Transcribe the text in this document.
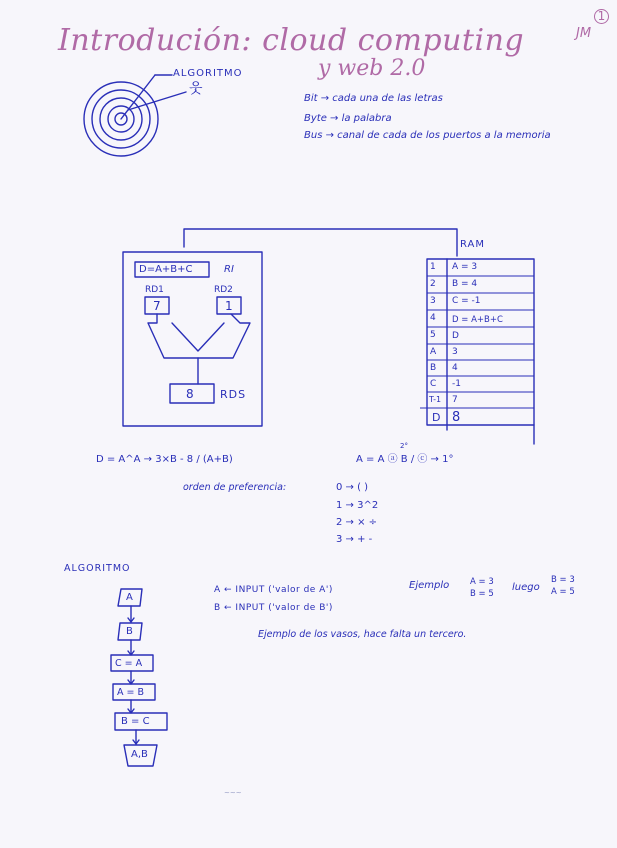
Introdución: cloud computing
y web 2.0
1
JM
ALGORITMO
웃
Bit → cada una de las letras
Byte → la palabra
Bus → canal de cada de los puertos a la memoria
D=A+B+C	RI
RD1	RD2
7	1
8 RDS
RAM
1 A = 3
2 B = 4
3 C = -1
4 D = A+B+C
5 D
A 3
B 4
C -1
T-1 7
D 8
D = A^A → 3×B - 8 / (A+B)	A = A ⓐ B / ⓒ → 1°
2°
orden de preferencia:	0 → ( )
1 → 3^2
2 → × ÷
3 → + -
ALGORITMO
A
B
C = A
A = B
B = C
A,B
A ← INPUT ('valor de A')
B ← INPUT ('valor de B')
Ejemplo A = 3
B = 5
luego
B = 3
A = 5
Ejemplo de los vasos, hace falta un tercero.
~~~
